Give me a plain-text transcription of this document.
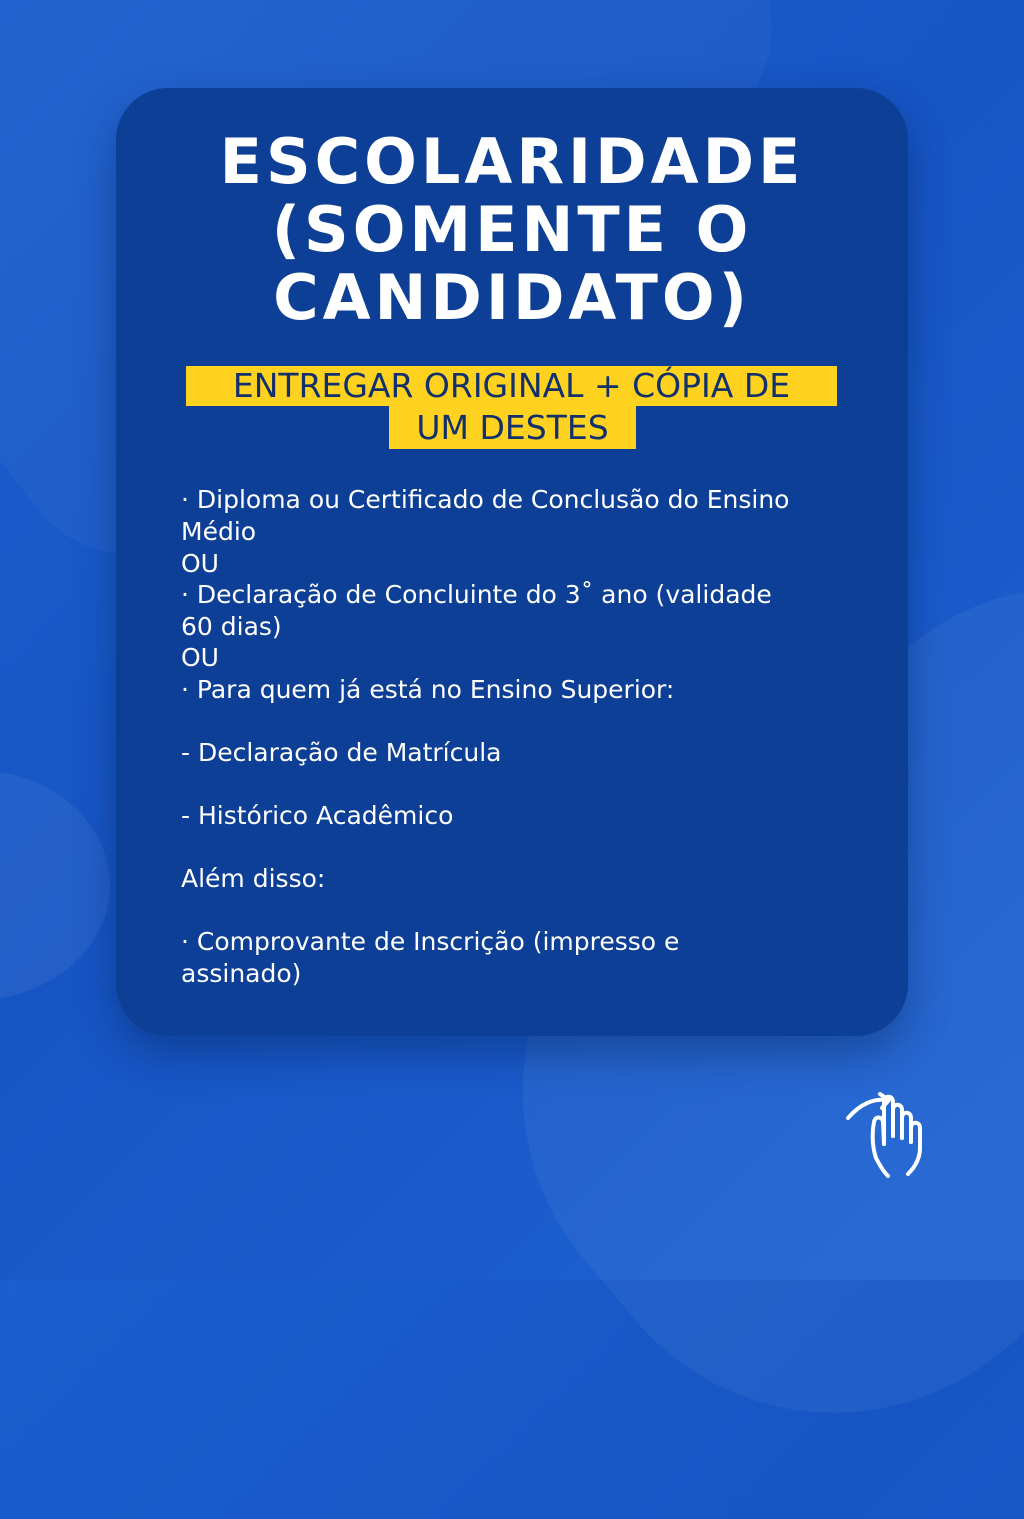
ESCOLARIDADE
(SOMENTE O
CANDIDATO)
ENTREGAR ORIGINAL + CÓPIA DE
UM DESTES
· Diploma ou Certificado de Conclusão do Ensino
Médio
OU
· Declaração de Concluinte do 3˚ ano (validade
60 dias)
OU
· Para quem já está no Ensino Superior:
- Declaração de Matrícula
- Histórico Acadêmico
Além disso:
· Comprovante de Inscrição (impresso e
assinado)
